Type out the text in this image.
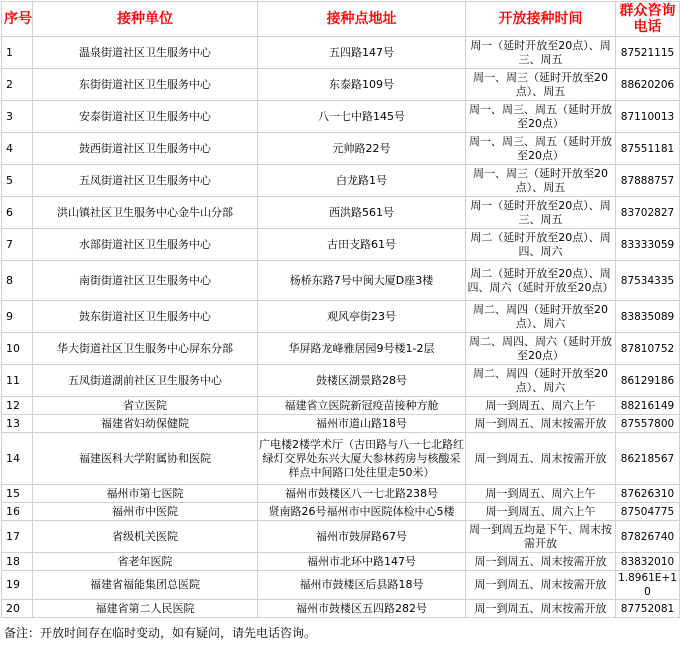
序号	接种单位	接种点地址	开放接种时间	群众咨询电话
1	温泉街道社区卫生服务中心	五四路147号	周一（延时开放至20点）、周三、周五	87521115
2	东街街道社区卫生服务中心	东泰路109号	周一、周三（延时开放至20点）、周五	88620206
3	安泰街道社区卫生服务中心	八一七中路145号	周一、周三、周五（延时开放至20点）	87110013
4	鼓西街道社区卫生服务中心	元帅路22号	周一、周三、周五（延时开放至20点）	87551181
5	五凤街道社区卫生服务中心	白龙路1号	周一、周三（延时开放至20点）、周五	87888757
6	洪山镇社区卫生服务中心金牛山分部	西洪路561号	周一（延时开放至20点）、周三、周五	83702827
7	水部街道社区卫生服务中心	古田支路61号	周二（延时开放至20点）、周四、周六	83333059
8	南街街道社区卫生服务中心	杨桥东路7号中闽大厦D座3楼	周二（延时开放至20点）、周四、周六（延时开放至20点）	87534335
9	鼓东街道社区卫生服务中心	观风亭街23号	周二、周四（延时开放至20点）、周六	83835089
10	华大街道社区卫生服务中心屏东分部	华屏路龙峰雅居园9号楼1-2层	周二、周四、周六（延时开放至20点）	87810752
11	五凤街道湖前社区卫生服务中心	鼓楼区湖景路28号	周二、周四（延时开放至20点）、周六	86129186
12	省立医院	福建省立医院新冠疫苗接种方舱	周一到周五、周六上午	88216149
13	福建省妇幼保健院	福州市道山路18号	周一到周五、周末按需开放	87557800
14	福建医科大学附属协和医院	广电楼2楼学术厅（古田路与八一七北路红绿灯交界处东兴大厦大参林药房与核酸采样点中间路口处往里走50米）	周一到周五、周末按需开放	86218567
15	福州市第七医院	福州市鼓楼区八一七北路238号	周一到周五、周六上午	87626310
16	福州市中医院	贤南路26号福州市中医院体检中心5楼	周一到周五、周六上午	87504775
17	省级机关医院	福州市鼓屏路67号	周一到周五均是下午、周末按需开放	87826740
18	省老年医院	福州市北环中路147号	周一到周五、周末按需开放	83832010
19	福建省福能集团总医院	福州市鼓楼区后县路18号	周一到周五、周末按需开放	1.8961E+10
20	福建省第二人民医院	福州市鼓楼区五四路282号	周一到周五、周末按需开放	87752081
备注：开放时间存在临时变动，如有疑问，请先电话咨询。
